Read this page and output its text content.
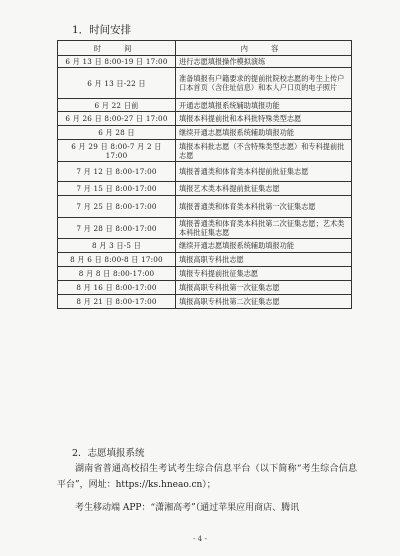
1．时间安排
时　间	内　容
6 月 13 日 8:00-19 日 17:00	进行志愿填报操作模拟演练
6 月 13 日-22 日	准备填报有户籍要求的提前批院校志愿的考生上传户口本首页（含住址信息）和本人户口页的电子照片
6 月 22 日前	开通志愿填报系统辅助填报功能
6 月 26 日 8:00-27 日 17:00	填报本科提前批和本科批特殊类型志愿
6 月 28 日	继续开通志愿填报系统辅助填报功能
6 月 29 日 8:00-7 月 2 日 17:00	填报本科批志愿（不含特殊类型志愿）和专科提前批志愿
7 月 12 日 8:00-17:00	填报普通类和体育类本科提前批征集志愿
7 月 15 日 8:00-17:00	填报艺术类本科提前批征集志愿
7 月 25 日 8:00-17:00	填报普通类和体育类本科批第一次征集志愿
7 月 28 日 8:00-17:00	填报普通类和体育类本科批第二次征集志愿；艺术类本科批征集志愿
8 月 3 日-5 日	继续开通志愿填报系统辅助填报功能
8 月 6 日 8:00-8 日 17:00	填报高职专科批志愿
8 月 8 日 8:00-17:00	填报专科提前批征集志愿
8 月 16 日 8:00-17:00	填报高职专科批第一次征集志愿
8 月 21 日 8:00-17:00	填报高职专科批第二次征集志愿
2．志愿填报系统
湖南省普通高校招生考试考生综合信息平台（以下简称“考生综合信息平台”，网址：https://ks.hneao.cn）；
考生移动端 APP：“潇湘高考”（通过苹果应用商店、腾讯
- 4 -
